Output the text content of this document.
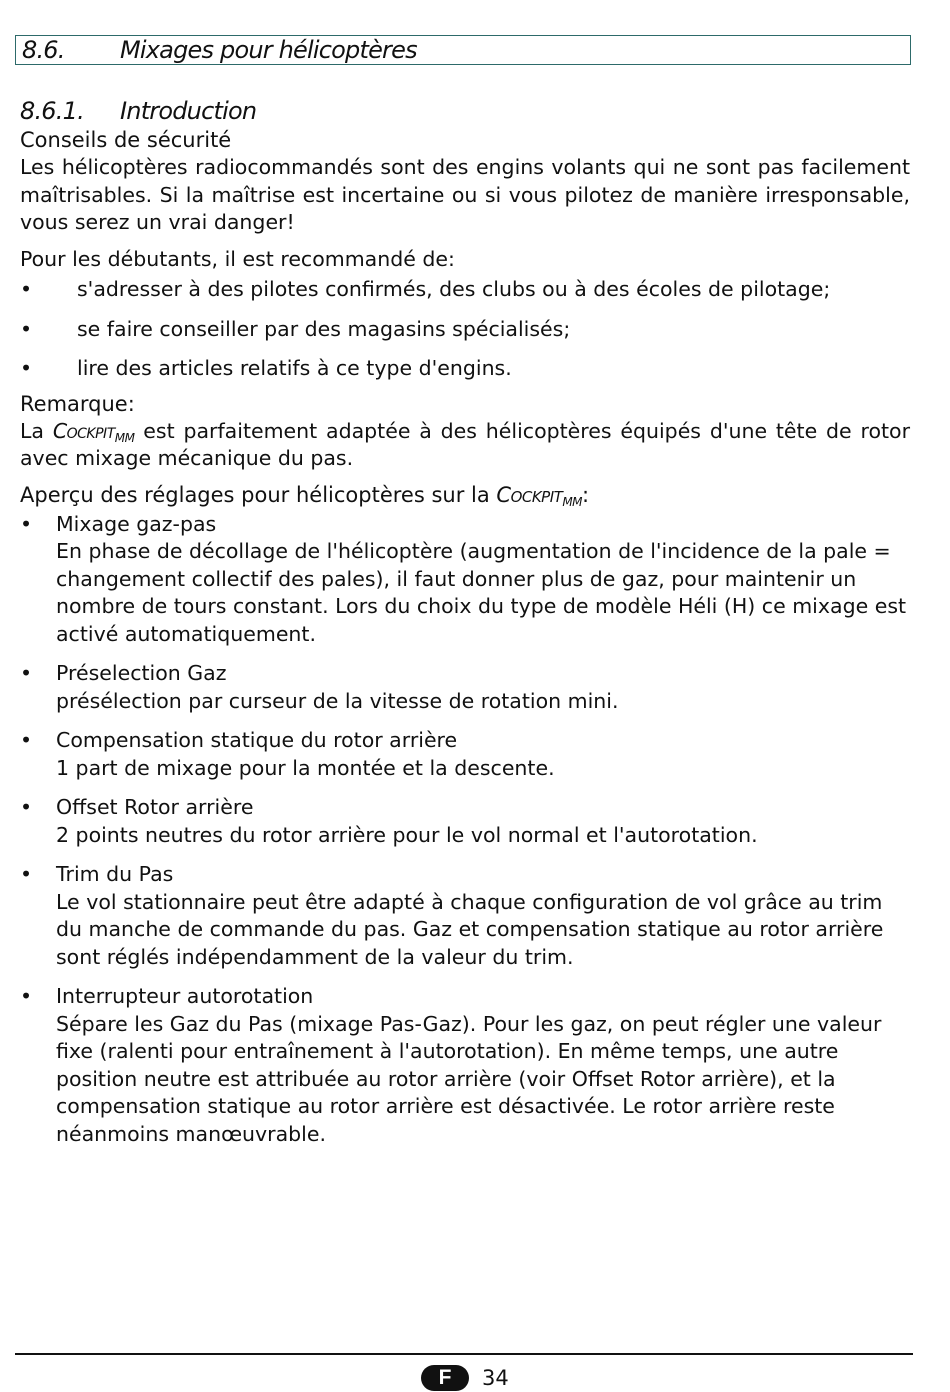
8.6. Mixages pour hélicoptères
8.6.1. Introduction

Conseils de sécurité

Les hélicoptères radiocommandés sont des engins volants qui ne sont pas facilement maîtrisables. Si la maîtrise est incertaine ou si vous pilotez de manière irresponsable, vous serez un vrai danger!

Pour les débutants, il est recommandé de:

• s'adresser à des pilotes confirmés, des clubs ou à des écoles de pilotage;
• se faire conseiller par des magasins spécialisés;
• lire des articles relatifs à ce type d'engins.

Remarque:

La Cockpit$_{MM}$ est parfaitement adaptée à des hélicoptères équipés d'une tête de rotor avec mixage mécanique du pas.

Aperçu des réglages pour hélicoptères sur la Cockpit$_{MM}$:

• Mixage gaz-pas
En phase de décollage de l'hélicoptère (augmentation de l'incidence de la pale = changement collectif des pales), il faut donner plus de gaz, pour maintenir un nombre de tours constant. Lors du choix du type de modèle Héli (H) ce mixage est activé automatiquement.
• Préselection Gaz
présélection par curseur de la vitesse de rotation mini.
• Compensation statique du rotor arrière
1 part de mixage pour la montée et la descente.
• Offset Rotor arrière
2 points neutres du rotor arrière pour le vol normal et l'autorotation.
• Trim du Pas
Le vol stationnaire peut être adapté à chaque configuration de vol grâce au trim du manche de commande du pas. Gaz et compensation statique au rotor arrière sont réglés indépendamment de la valeur du trim.
• Interrupteur autorotation
Sépare les Gaz du Pas (mixage Pas-Gaz). Pour les gaz, on peut régler une valeur fixe (ralenti pour entraînement à l'autorotation). En même temps, une autre position neutre est attribuée au rotor arrière (voir Offset Rotor arrière), et la compensation statique au rotor arrière est désactivée. Le rotor arrière reste néanmoins manœuvrable.
F	34
